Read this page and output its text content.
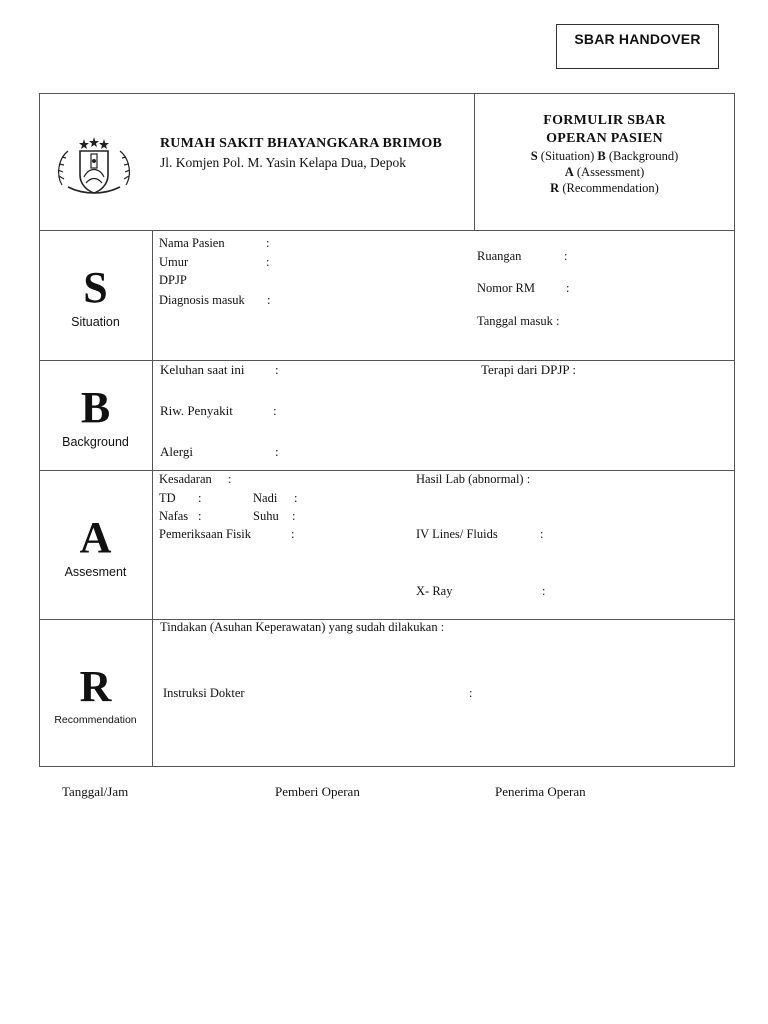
SBAR HANDOVER
RUMAH SAKIT BHAYANGKARA BRIMOB
Jl. Komjen Pol. M. Yasin Kelapa Dua, Depok
FORMULIR SBAR
OPERAN PASIEN
S (Situation) B (Background)
A (Assessment)
R (Recommendation)
S
Situation
Nama Pasien	:
Umur	:
DPJP
Diagnosis masuk :
Ruangan	:
Nomor RM :
Tanggal masuk :
B
Background
Keluhan saat ini :
Riw. Penyakit	:
Alergi	:
Terapi dari DPJP :
A
Assesment
Kesadaran :
TD :	Nadi :
Nafas :	Suhu :
Pemeriksaan Fisik	:
Hasil Lab (abnormal) :
IV Lines/ Fluids	:
X- Ray	:
R
Recommendation
Tindakan (Asuhan Keperawatan) yang sudah dilakukan :
Instruksi Dokter	:
Tanggal/Jam	Pemberi Operan	Penerima Operan
